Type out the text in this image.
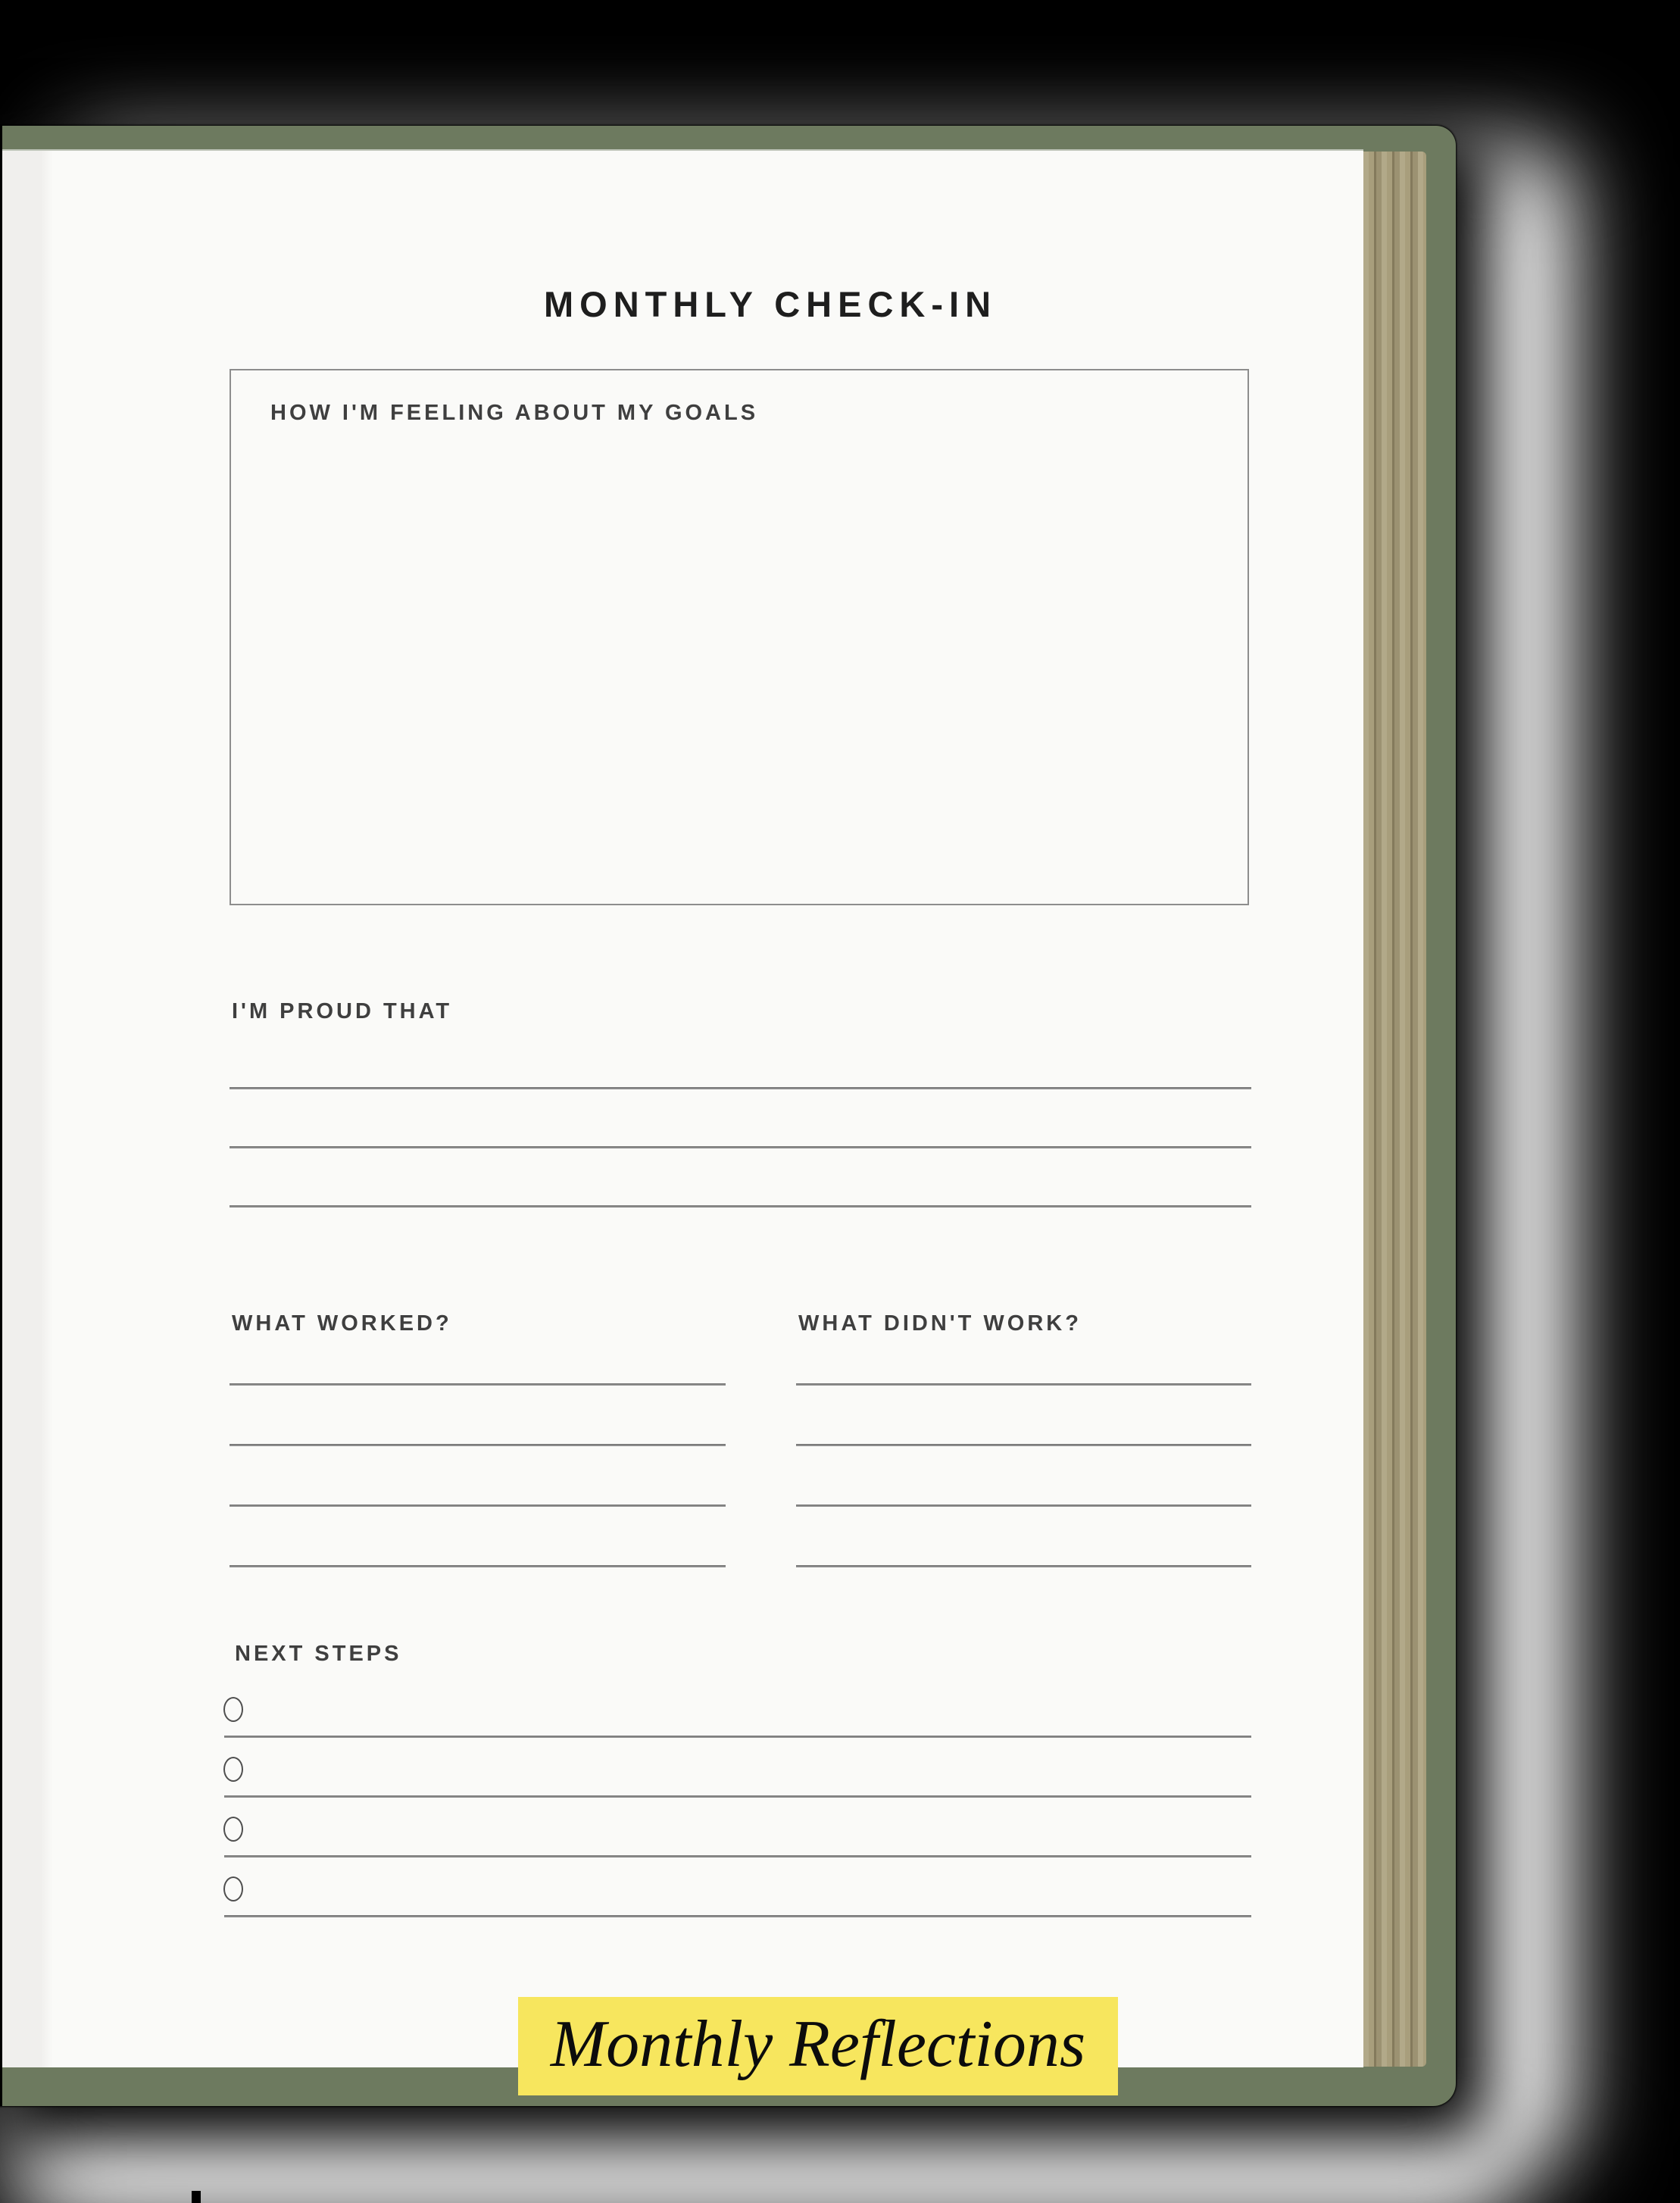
MONTHLY CHECK-IN
HOW I'M FEELING ABOUT MY GOALS
I'M PROUD THAT
WHAT WORKED?	WHAT DIDN'T WORK?
NEXT STEPS
Monthly Reflections
